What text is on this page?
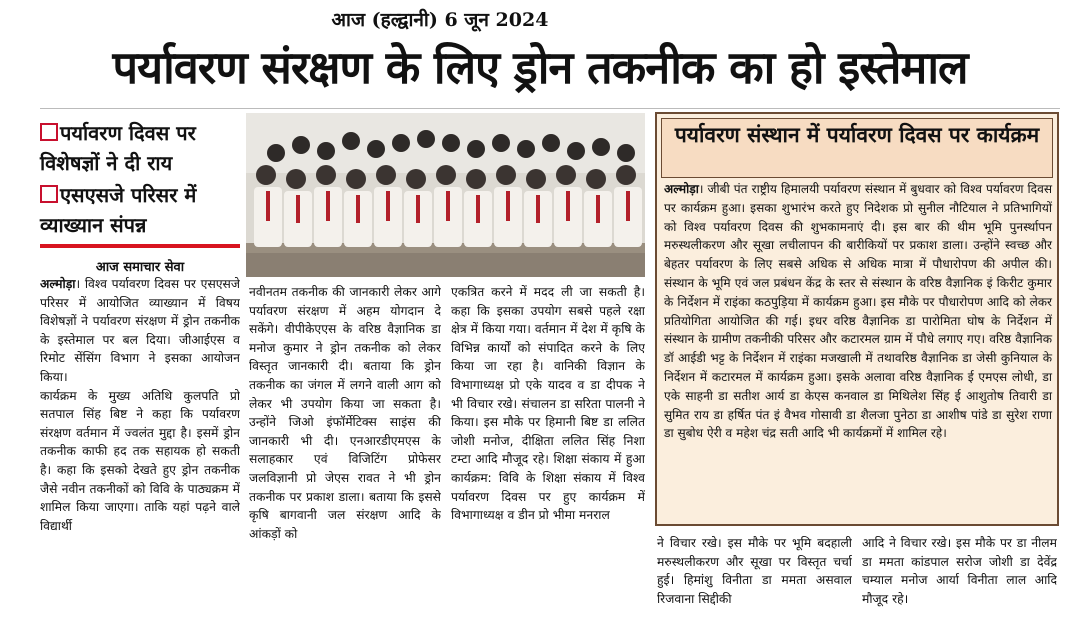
आज (हल्द्वानी) 6 जून 2024
पर्यावरण संरक्षण के लिए ड्रोन तकनीक का हो इस्तेमाल
पर्यावरण दिवस पर विशेषज्ञों ने दी राय
एसएसजे परिसर में व्याख्यान संपन्न
आज समाचार सेवा

अल्मोड़ा। विश्व पर्यावरण दिवस पर एसएसजे परिसर में आयोजित व्याख्यान में विषय विशेषज्ञों ने पर्यावरण संरक्षण में ड्रोन तकनीक के इस्तेमाल पर बल दिया। जीआईएस व रिमोट सेंसिंग विभाग ने इसका आयोजन किया।

कार्यक्रम के मुख्य अतिथि कुलपति प्रो सतपाल सिंह बिष्ट ने कहा कि पर्यावरण संरक्षण वर्तमान में ज्वलंत मुद्दा है। इसमें ड्रोन तकनीक काफी हद तक सहायक हो सकती है। कहा कि इसको देखते हुए ड्रोन तकनीक जैसे नवीन तकनीकों को विवि के पाठ्यक्रम में शामिल किया जाएगा। ताकि यहां पढ़ने वाले विद्यार्थी

नवीनतम तकनीक की जानकारी लेकर आगे पर्यावरण संरक्षण में अहम योगदान दे सकेंगे। वीपीकेएएस के वरिष्ठ वैज्ञानिक डा मनोज कुमार ने ड्रोन तकनीक को लेकर विस्तृत जानकारी दी। बताया कि ड्रोन तकनीक का जंगल में लगने वाली आग को लेकर भी उपयोग किया जा सकता है। उन्होंने जिओ इंफॉर्मेटिक्स साइंस की जानकारी भी दी। एनआरडीएमएस के सलाहकार एवं विजिटिंग प्रोफेसर जलविज्ञानी प्रो जेएस रावत ने भी ड्रोन तकनीक पर प्रकाश डाला। बताया कि इससे कृषि बागवानी जल संरक्षण आदि के आंकड़ों को

एकत्रित करने में मदद ली जा सकती है। कहा कि इसका उपयोग सबसे पहले रक्षा क्षेत्र में किया गया। वर्तमान में देश में कृषि के विभिन्न कार्यों को संपादित करने के लिए किया जा रहा है। वानिकी विज्ञान के विभागाध्यक्ष प्रो एके यादव व डा दीपक ने भी विचार रखे। संचालन डा सरिता पालनी ने किया। इस मौके पर हिमानी बिष्ट डा ललित जोशी मनोज, दीक्षिता ललित सिंह निशा टम्टा आदि मौजूद रहे। शिक्षा संकाय में हुआ कार्यक्रम: विवि के शिक्षा संकाय में विश्व पर्यावरण दिवस पर हुए कार्यक्रम में विभागाध्यक्ष व डीन प्रो भीमा मनराल

पर्यावरण संस्थान में पर्यावरण दिवस पर कार्यक्रम
अल्मोड़ा। जीबी पंत राष्ट्रीय हिमालयी पर्यावरण संस्थान में बुधवार को विश्व पर्यावरण दिवस पर कार्यक्रम हुआ। इसका शुभारंभ करते हुए निदेशक प्रो सुनील नौटियाल ने प्रतिभागियों को विश्व पर्यावरण दिवस की शुभकामनाएं दी। इस बार की थीम भूमि पुनर्स्थापन मरुस्थलीकरण और सूखा लचीलापन की बारीकियों पर प्रकाश डाला। उन्होंने स्वच्छ और बेहतर पर्यावरण के लिए सबसे अधिक से अधिक मात्रा में पौधारोपण की अपील की। संस्थान के भूमि एवं जल प्रबंधन केंद्र के स्तर से संस्थान के वरिष्ठ वैज्ञानिक इं किरीट कुमार के निर्देशन में राइंका कठपुड़िया में कार्यक्रम हुआ। इस मौके पर पौधारोपण आदि को लेकर प्रतियोगिता आयोजित की गई। इधर वरिष्ठ वैज्ञानिक डा पारोमिता घोष के निर्देशन में संस्थान के ग्रामीण तकनीकी परिसर और कटारमल ग्राम में पौधे लगाए गए। वरिष्ठ वैज्ञानिक डॉ आईडी भट्ट के निर्देशन में राइंका मजखाली में तथावरिष्ठ वैज्ञानिक डा जेसी कुनियाल के निर्देशन में कटारमल में कार्यक्रम हुआ। इसके अलावा वरिष्ठ वैज्ञानिक ई एमएस लोधी, डा एके साहनी डा सतीश आर्य डा केएस कनवाल डा मिथिलेश सिंह ई आशुतोष तिवारी डा सुमित राय डा हर्षित पंत इं वैभव गोसावी डा शैलजा पुनेठा डा आशीष पांडे डा सुरेश राणा डा सुबोध ऐरी व महेश चंद्र सती आदि भी कार्यक्रमों में शामिल रहे।

ने विचार रखे। इस मौके पर भूमि बदहाली मरुस्थलीकरण और सूखा पर विस्तृत चर्चा हुई। हिमांशु विनीता डा ममता असवाल रिजवाना सिद्दीकी

आदि ने विचार रखे। इस मौके पर डा नीलम डा ममता कांडपाल सरोज जोशी डा देवेंद्र चम्याल मनोज आर्या विनीता लाल आदि मौजूद रहे।
